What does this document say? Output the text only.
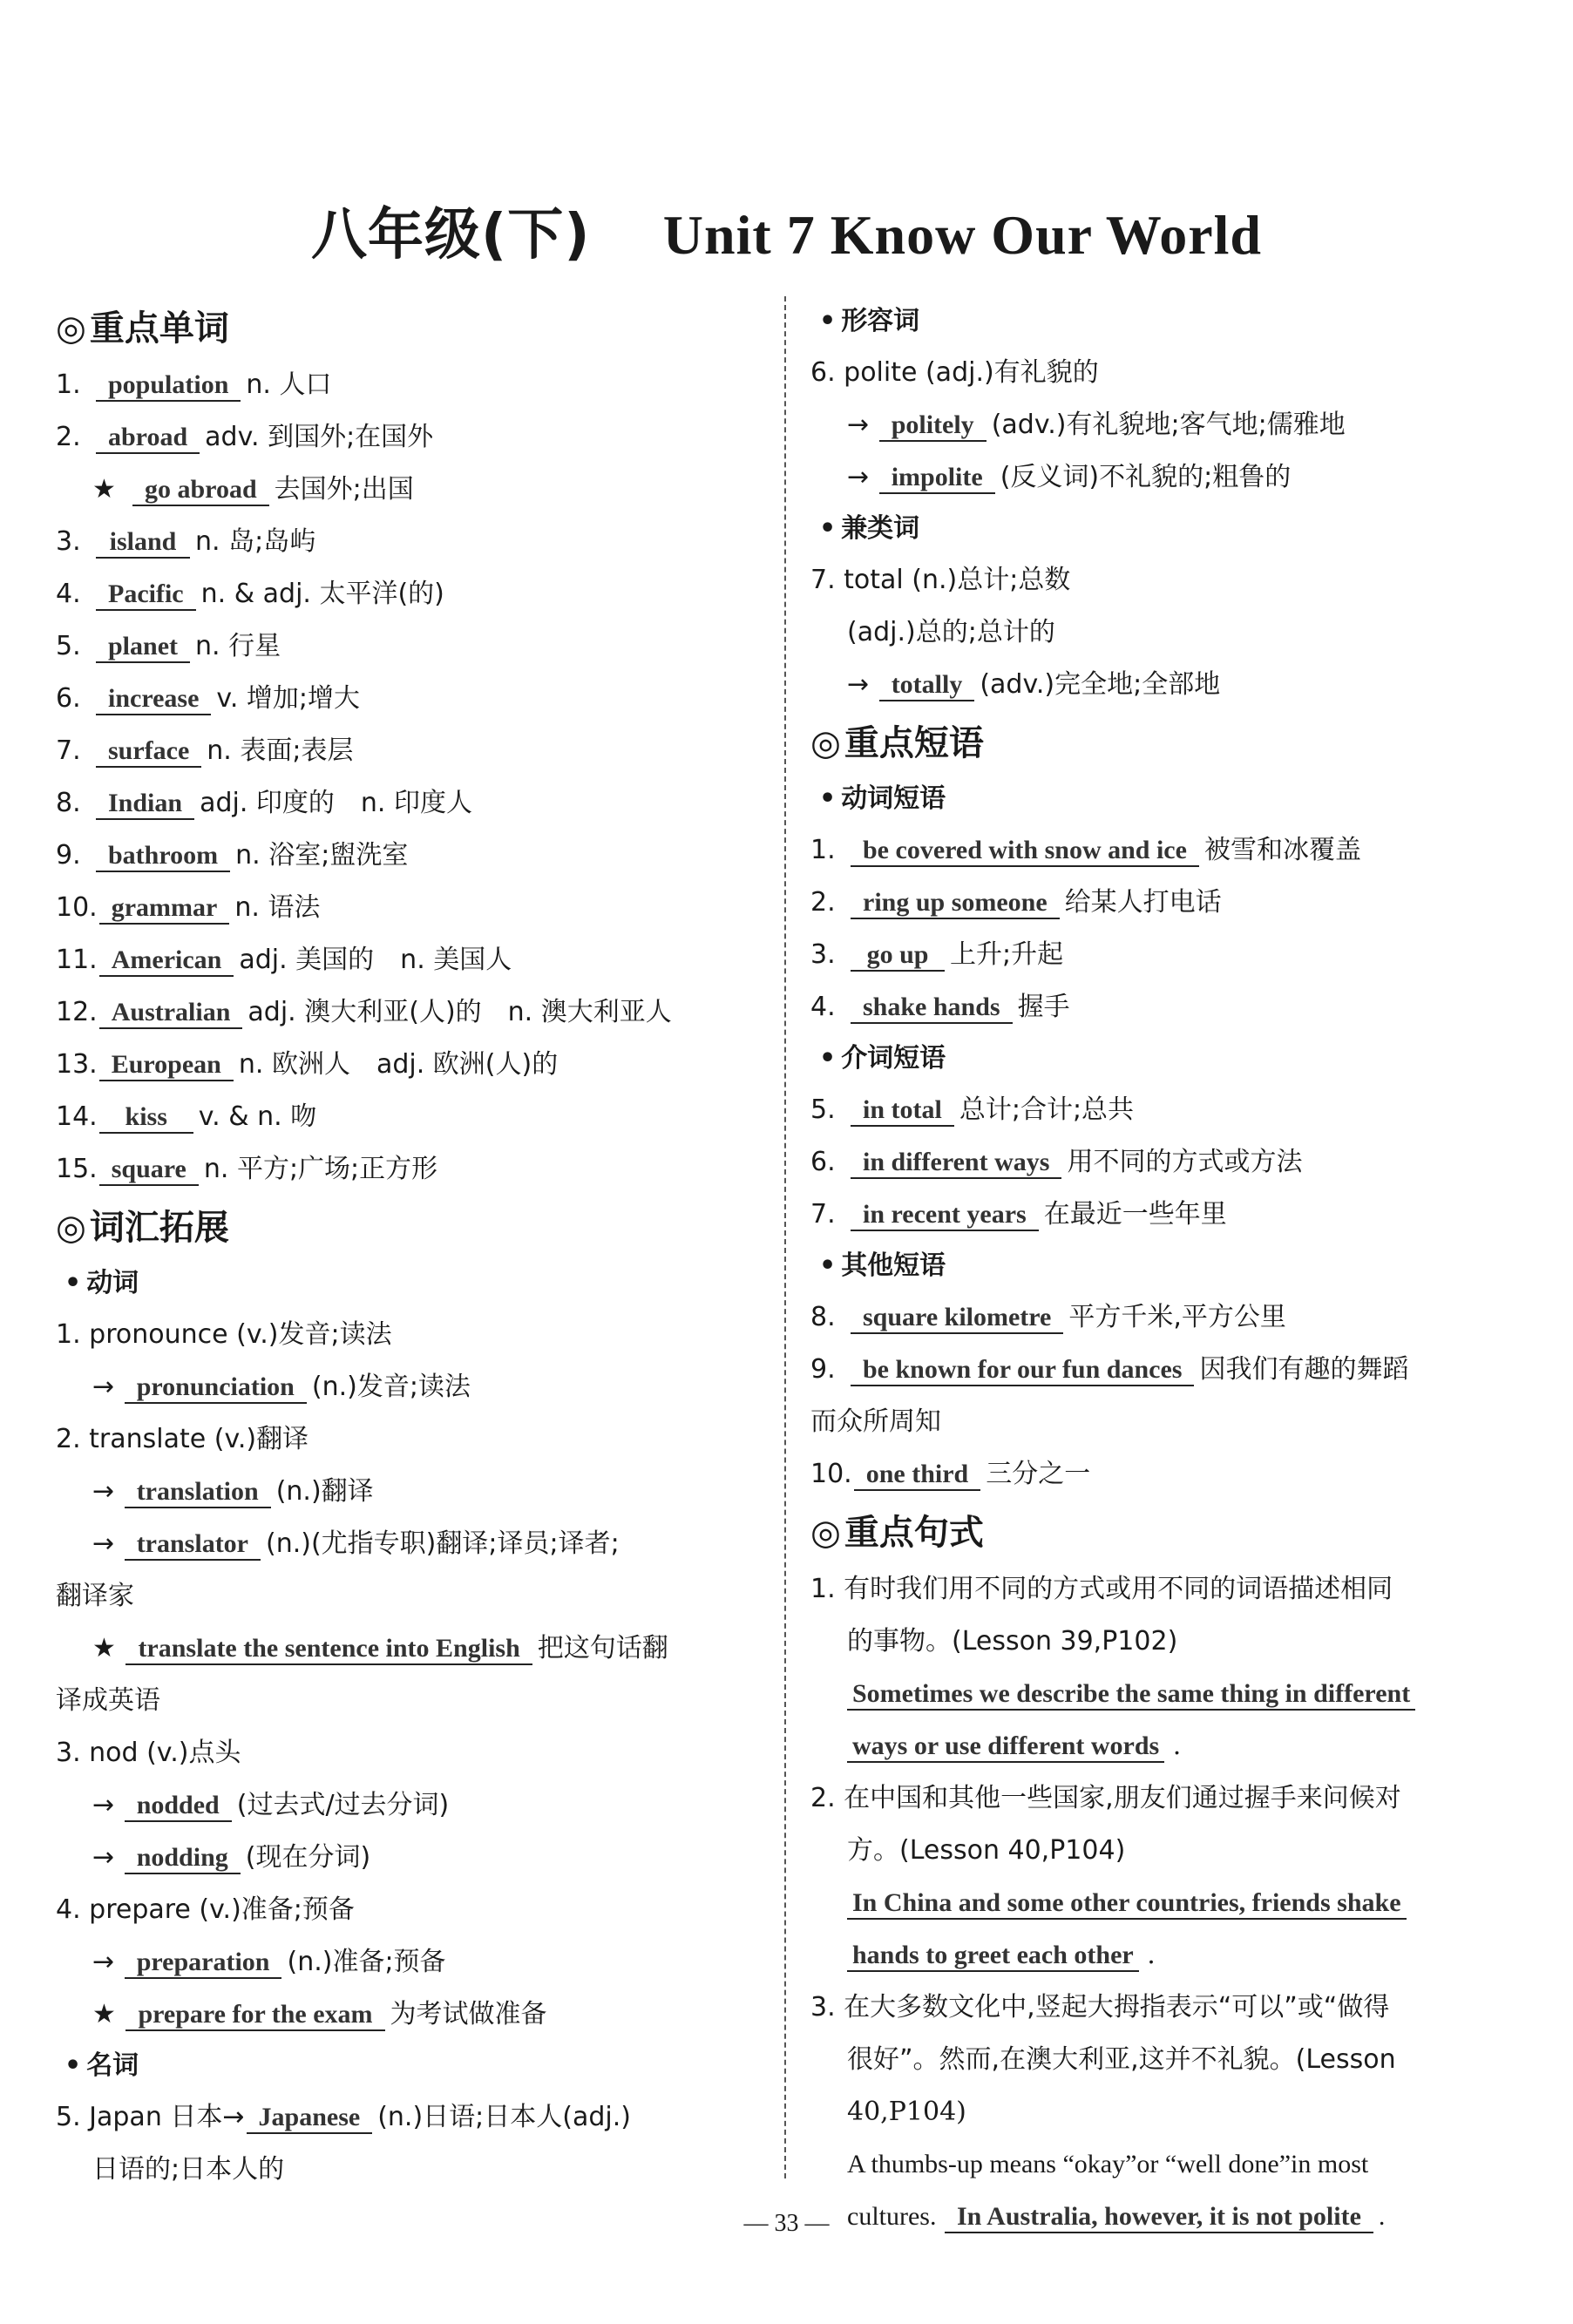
八年级(下) Unit 7 Know Our World
◎ 重点单词
1. population n. 人口
2. abroad adv. 到国外;在国外
★ go abroad 去国外;出国
3. island n. 岛;岛屿
4. Pacific n. & adj. 太平洋(的)
5. planet n. 行星
6. increase v. 增加;增大
7. surface n. 表面;表层
8. Indian adj. 印度的　n. 印度人
9. bathroom n. 浴室;盥洗室
10. grammar n. 语法
11. American adj. 美国的　n. 美国人
12. Australian adj. 澳大利亚(人)的　n. 澳大利亚人
13. European n. 欧洲人　adj. 欧洲(人)的
14. kiss v. & n. 吻
15. square n. 平方;广场;正方形
◎ 词汇拓展
• 动词
1. pronounce (v.)发音;读法
→ pronunciation (n.)发音;读法
2. translate (v.)翻译
→ translation (n.)翻译
→ translator (n.)(尤指专职)翻译;译员;译者;
翻译家
★ translate the sentence into English 把这句话翻
译成英语
3. nod (v.)点头
→ nodded (过去式/过去分词)
→ nodding (现在分词)
4. prepare (v.)准备;预备
→ preparation (n.)准备;预备
★ prepare for the exam 为考试做准备
• 名词
5. Japan 日本→ Japanese (n.)日语;日本人(adj.)
日语的;日本人的
• 形容词
6. polite (adj.)有礼貌的
→ politely (adv.)有礼貌地;客气地;儒雅地
→ impolite (反义词)不礼貌的;粗鲁的
• 兼类词
7. total (n.)总计;总数
(adj.)总的;总计的
→ totally (adv.)完全地;全部地
◎ 重点短语
• 动词短语
1. be covered with snow and ice 被雪和冰覆盖
2. ring up someone 给某人打电话
3. go up 上升;升起
4. shake hands 握手
• 介词短语
5. in total 总计;合计;总共
6. in different ways 用不同的方式或方法
7. in recent years 在最近一些年里
• 其他短语
8. square kilometre 平方千米,平方公里
9. be known for our fun dances 因我们有趣的舞蹈
而众所周知
10. one third 三分之一
◎ 重点句式
1. 有时我们用不同的方式或用不同的词语描述相同
的事物。(Lesson 39,P102)
Sometimes we describe the same thing in different
ways or use different words .
2. 在中国和其他一些国家,朋友们通过握手来问候对
方。(Lesson 40,P104)
In China and some other countries, friends shake
hands to greet each other .
3. 在大多数文化中,竖起大拇指表示“可以”或“做得
很好”。然而,在澳大利亚,这并不礼貌。(Lesson
40,P104)
A thumbs-up means “okay”or “well done”in most
cultures. In Australia, however, it is not polite .
— 33 —
